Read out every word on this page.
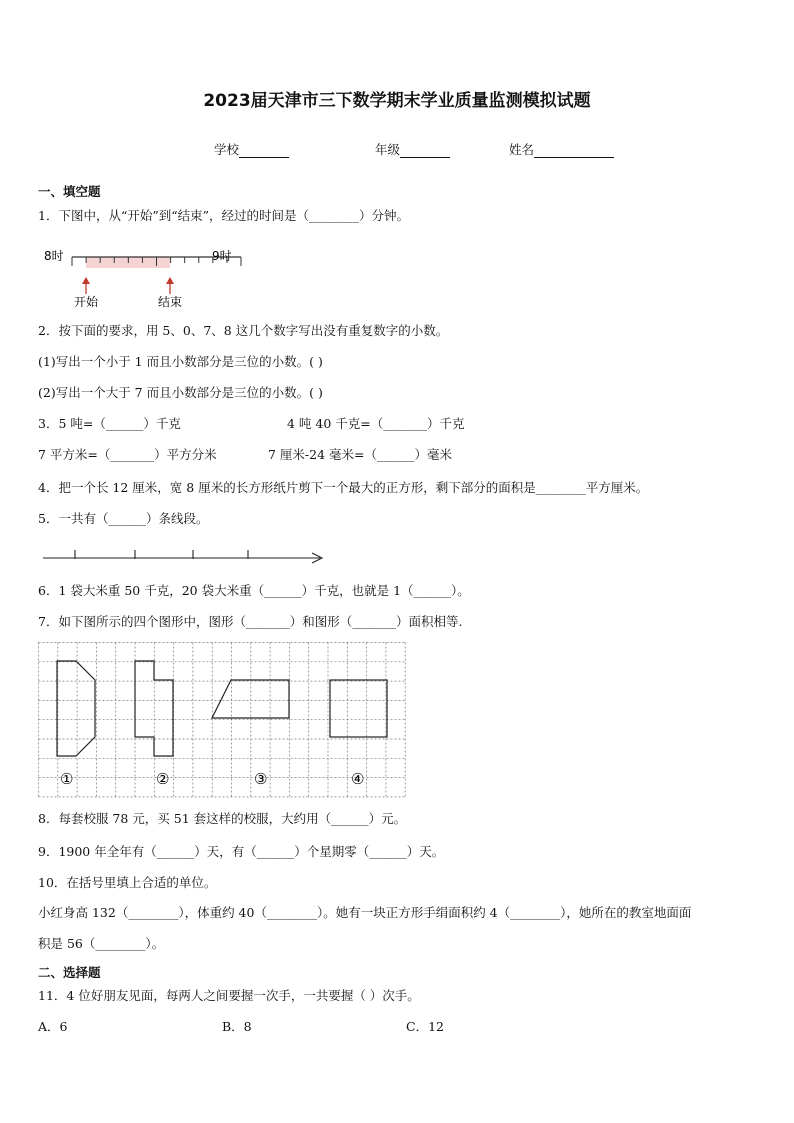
2023届天津市三下数学期末学业质量监测模拟试题
学校	年级	姓名
一、填空题
1．下图中，从“开始”到“结束”，经过的时间是（________）分钟。
8时	9时
开始	结束
2．按下面的要求，用 5、0、7、8 这几个数字写出没有重复数字的小数。
(1)写出一个小于 1 而且小数部分是三位的小数。( )
(2)写出一个大于 7 而且小数部分是三位的小数。( )
3．5 吨=（______）千克	4 吨 40 千克=（_______）千克
7 平方米=（_______）平方分米	7 厘米-24 毫米=（______）毫米
4．把一个长 12 厘米，宽 8 厘米的长方形纸片剪下一个最大的正方形，剩下部分的面积是________平方厘米。
5．一共有（______）条线段。
6．1 袋大米重 50 千克，20 袋大米重（______）千克，也就是 1（______）。
7．如下图所示的四个图形中，图形（_______）和图形（_______）面积相等.
①	②	③	④
8．每套校服 78 元，买 51 套这样的校服，大约用（______）元。
9．1900 年全年有（______）天，有（______）个星期零（______）天。
10．在括号里填上合适的单位。
小红身高 132（________），体重约 40（________）。她有一块正方形手绢面积约 4（________），她所在的教室地面面
积是 56（________）。
二、选择题
11．4 位好朋友见面，每两人之间要握一次手，一共要握（ ）次手。
A．6	B．8	C．12
